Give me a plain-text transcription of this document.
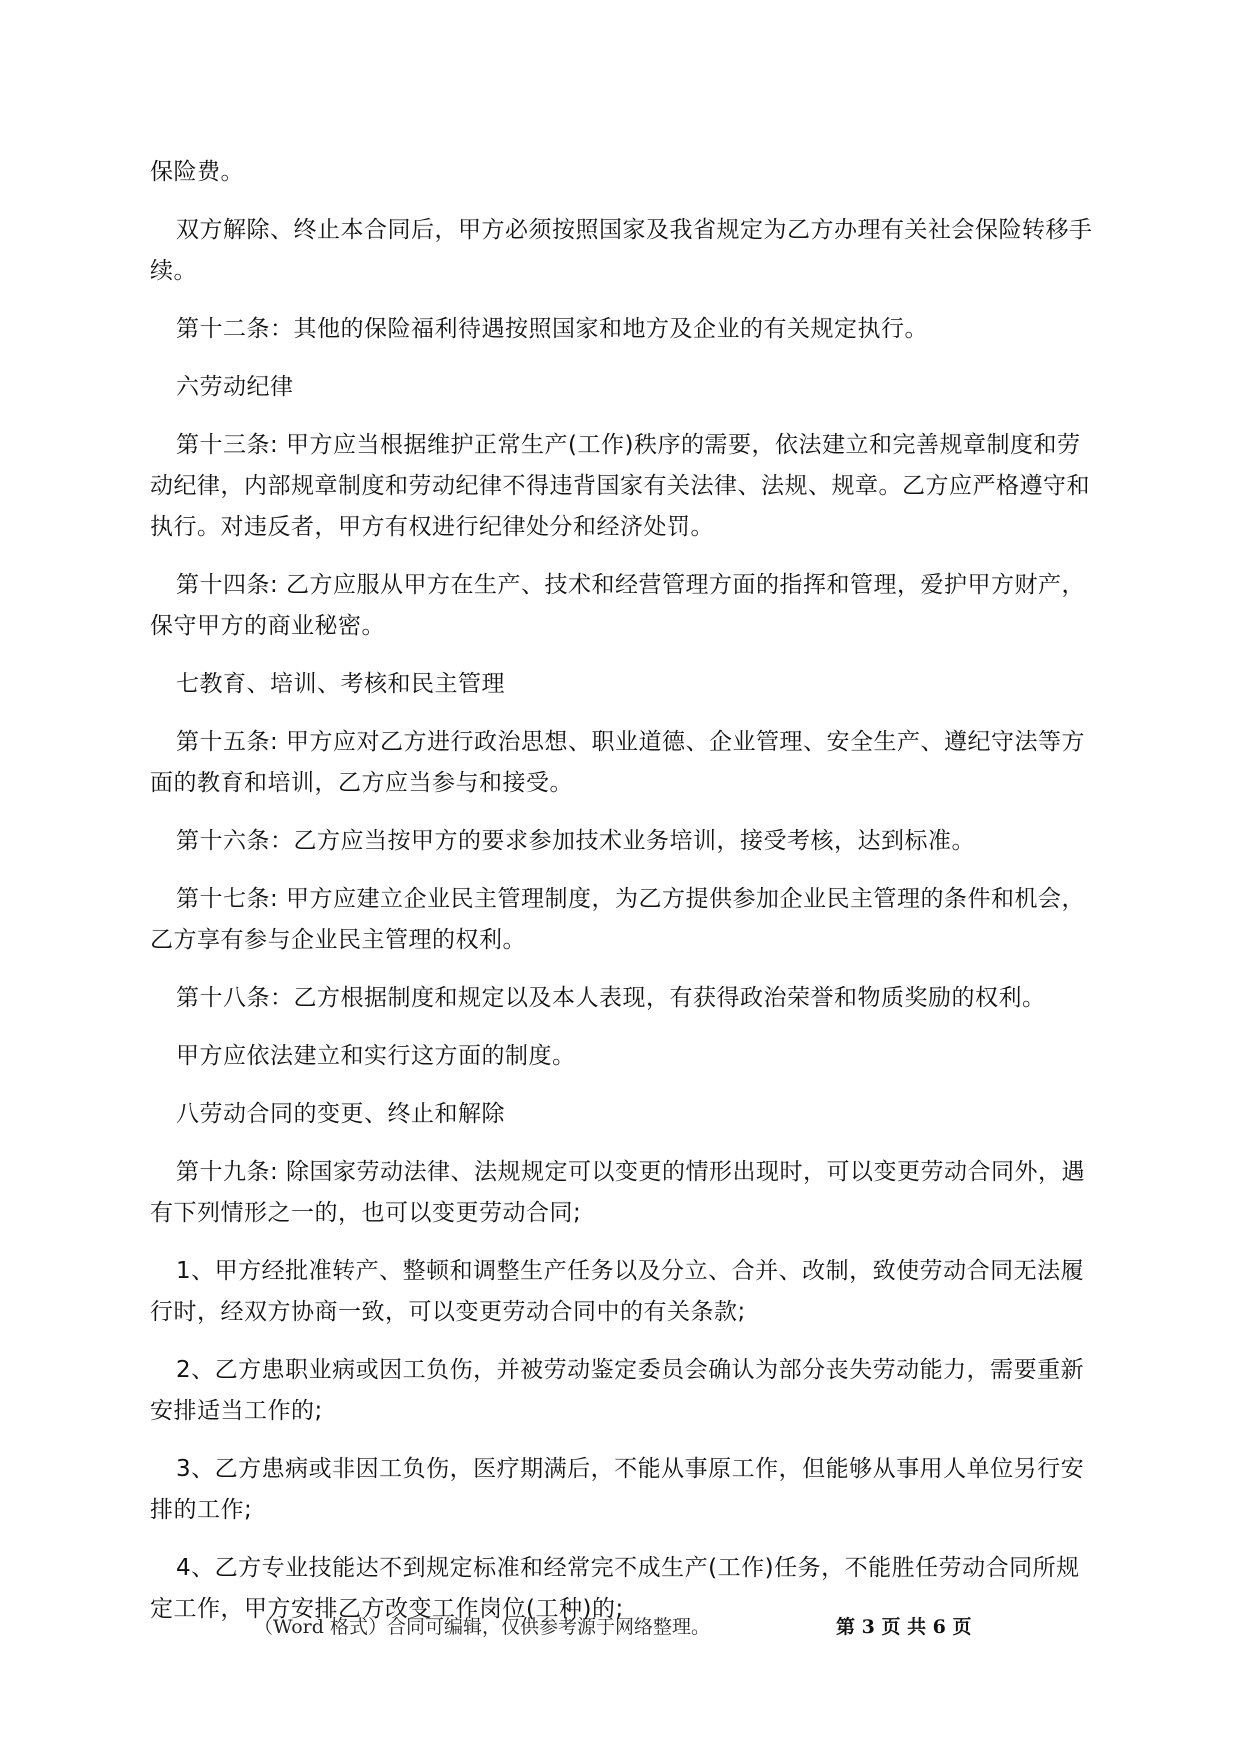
保险费。

双方解除、终止本合同后，甲方必须按照国家及我省规定为乙方办理有关社会保险转移手续。

第十二条：其他的保险福利待遇按照国家和地方及企业的有关规定执行。

六劳动纪律

第十三条: 甲方应当根据维护正常生产(工作)秩序的需要，依法建立和完善规章制度和劳动纪律，内部规章制度和劳动纪律不得违背国家有关法律、法规、规章。乙方应严格遵守和执行。对违反者，甲方有权进行纪律处分和经济处罚。

第十四条: 乙方应服从甲方在生产、技术和经营管理方面的指挥和管理，爱护甲方财产，保守甲方的商业秘密。

七教育、培训、考核和民主管理

第十五条: 甲方应对乙方进行政治思想、职业道德、企业管理、安全生产、遵纪守法等方面的教育和培训，乙方应当参与和接受。

第十六条：乙方应当按甲方的要求参加技术业务培训，接受考核，达到标准。

第十七条: 甲方应建立企业民主管理制度，为乙方提供参加企业民主管理的条件和机会，乙方享有参与企业民主管理的权利。

第十八条：乙方根据制度和规定以及本人表现，有获得政治荣誉和物质奖励的权利。

甲方应依法建立和实行这方面的制度。

八劳动合同的变更、终止和解除

第十九条: 除国家劳动法律、法规规定可以变更的情形出现时，可以变更劳动合同外，遇有下列情形之一的，也可以变更劳动合同;

1、甲方经批准转产、整顿和调整生产任务以及分立、合并、改制，致使劳动合同无法履行时，经双方协商一致，可以变更劳动合同中的有关条款;

2、乙方患职业病或因工负伤，并被劳动鉴定委员会确认为部分丧失劳动能力，需要重新安排适当工作的;

3、乙方患病或非因工负伤，医疗期满后，不能从事原工作，但能够从事用人单位另行安排的工作;

4、乙方专业技能达不到规定标准和经常完不成生产(工作)任务，不能胜任劳动合同所规定工作，甲方安排乙方改变工作岗位(工种)的;

（Word 格式）合同可编辑，仅供参考源于网络整理。	第 3 页 共 6 页
